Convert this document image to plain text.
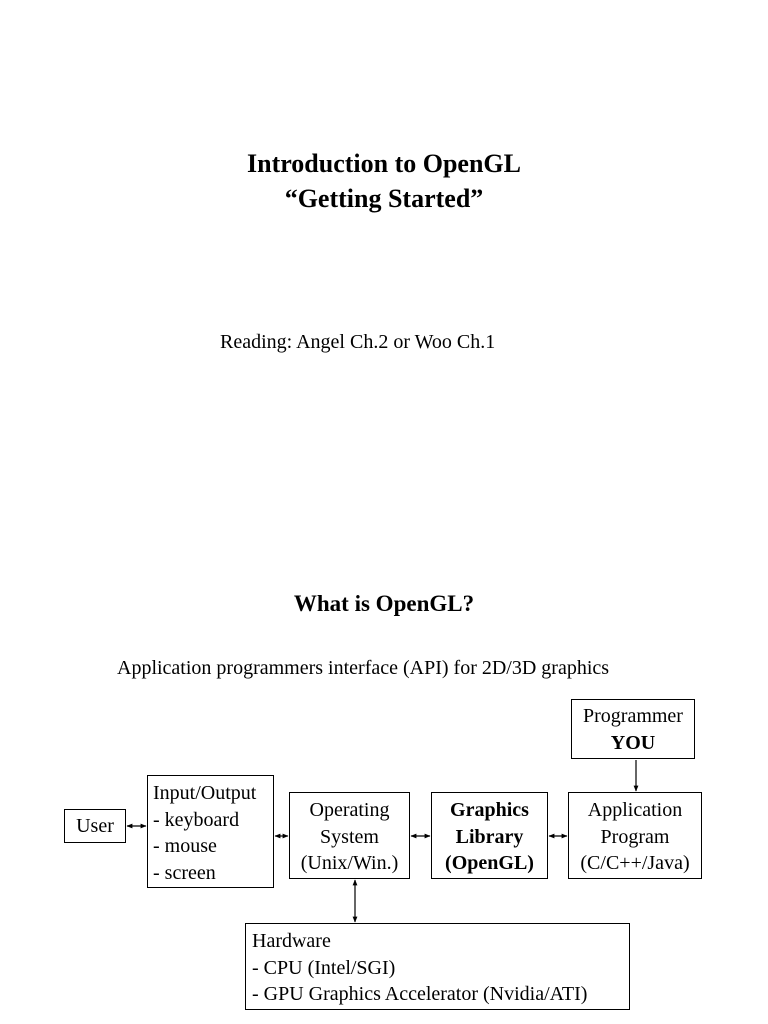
Introduction to OpenGL
“Getting Started”
Reading: Angel Ch.2 or Woo Ch.1
What is OpenGL?
Application programmers interface (API) for 2D/3D graphics
User
Input/Output
- keyboard
- mouse
- screen
Operating
System
(Unix/Win.)
Graphics
Library
(OpenGL)
Application
Program
(C/C++/Java)
Programmer
YOU
Hardware
- CPU (Intel/SGI)
- GPU Graphics Accelerator (Nvidia/ATI)
